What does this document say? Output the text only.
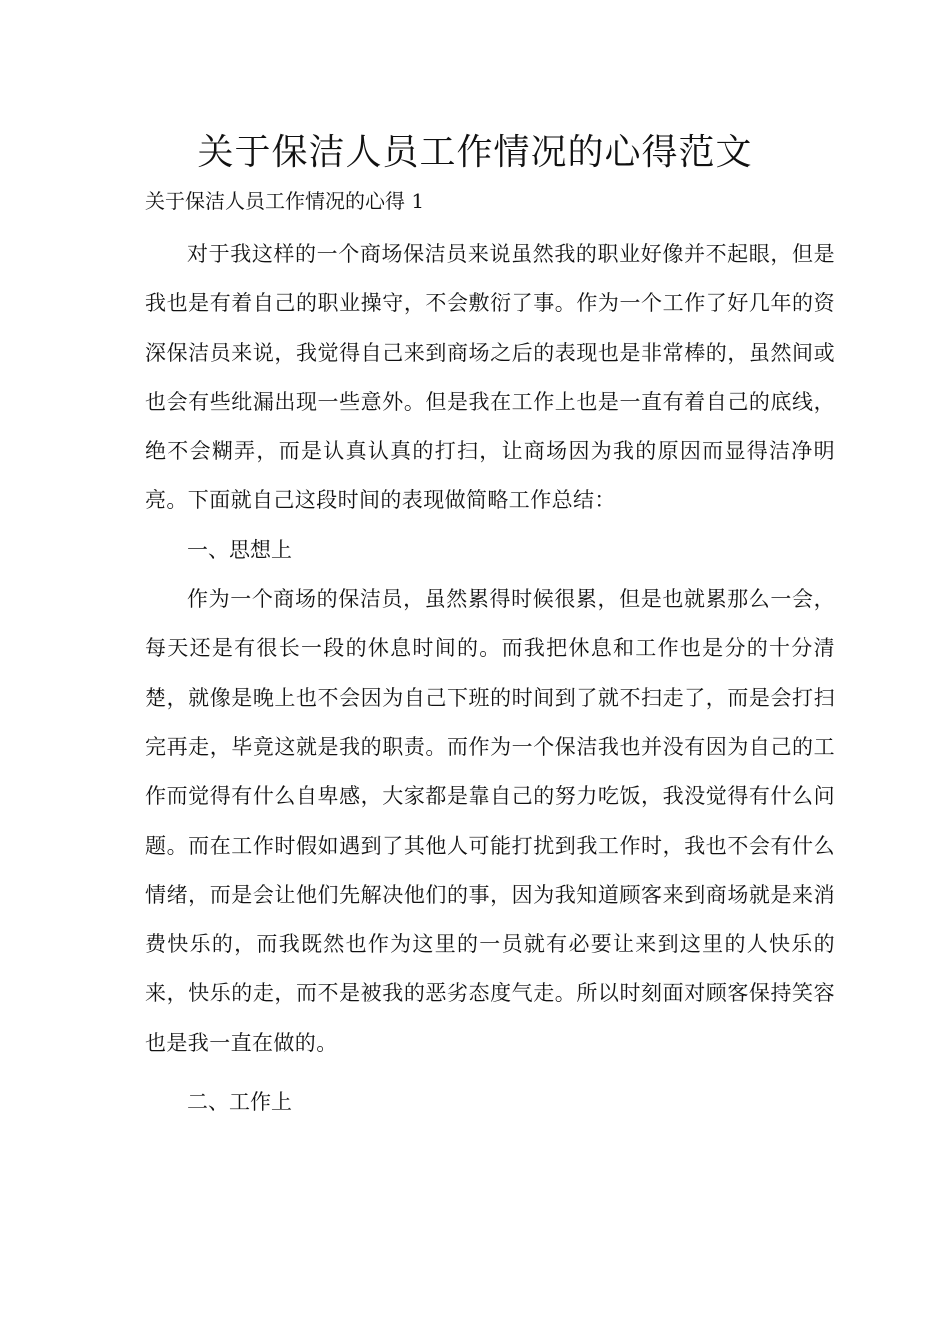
关于保洁人员工作情况的心得范文

关于保洁人员工作情况的心得 1

对于我这样的一个商场保洁员来说虽然我的职业好像并不起眼，但是我也是有着自己的职业操守，不会敷衍了事。作为一个工作了好几年的资深保洁员来说，我觉得自己来到商场之后的表现也是非常棒的，虽然间或也会有些纰漏出现一些意外。但是我在工作上也是一直有着自己的底线，绝不会糊弄，而是认真认真的打扫，让商场因为我的原因而显得洁净明亮。下面就自己这段时间的表现做简略工作总结：

一、思想上

作为一个商场的保洁员，虽然累得时候很累，但是也就累那么一会，每天还是有很长一段的休息时间的。而我把休息和工作也是分的十分清楚，就像是晚上也不会因为自己下班的时间到了就不扫走了，而是会打扫完再走，毕竟这就是我的职责。而作为一个保洁我也并没有因为自己的工作而觉得有什么自卑感，大家都是靠自己的努力吃饭，我没觉得有什么问题。而在工作时假如遇到了其他人可能打扰到我工作时，我也不会有什么情绪，而是会让他们先解决他们的事，因为我知道顾客来到商场就是来消费快乐的，而我既然也作为这里的一员就有必要让来到这里的人快乐的来，快乐的走，而不是被我的恶劣态度气走。所以时刻面对顾客保持笑容也是我一直在做的。

二、工作上
